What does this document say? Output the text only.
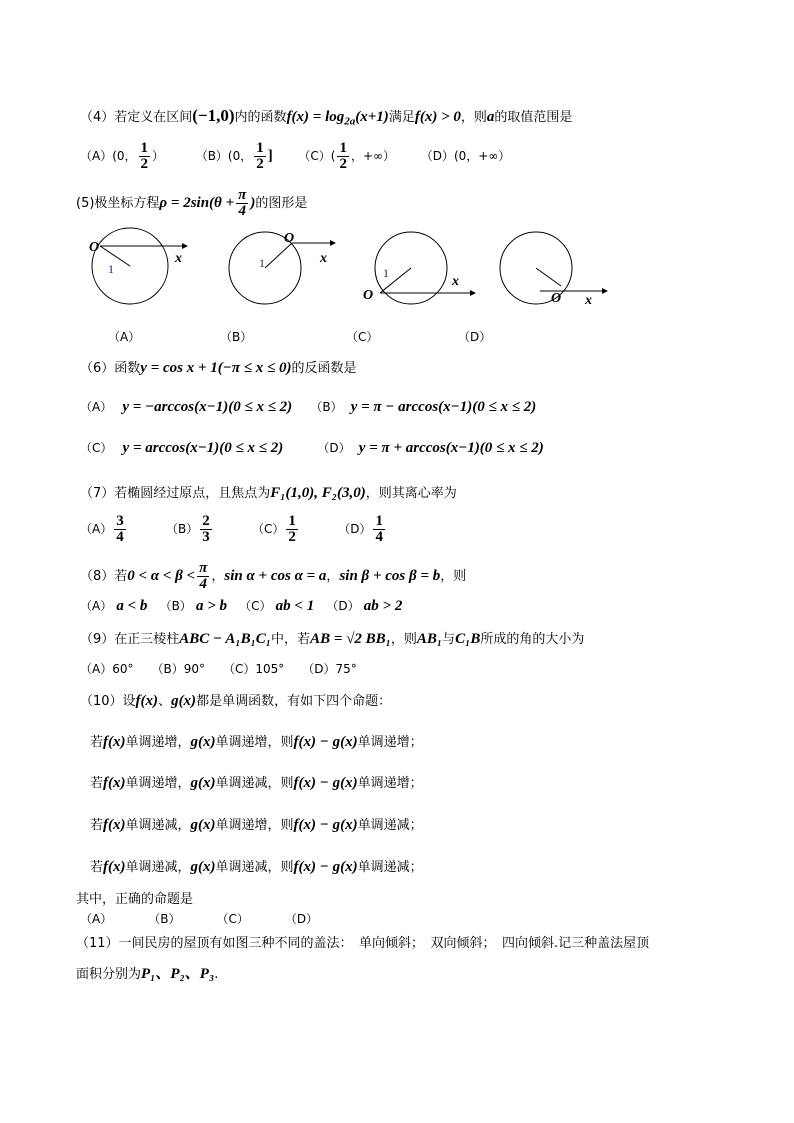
（4）若定义在区间(−1,0)内的函数$f(x) = \log_{2a}(x+1)$满足f(x) > 0，则a的取值范围是
（A）(0， $\frac{1}{2}$ ）	（B）(0， $\frac{1}{2}$ ] $(C)( \frac{1}{2}$ ，+∞） （D）(0，+∞）
(5)极坐标方程$\rho = 2\sin(\theta + \frac{\pi}{4}$ )的图形是
O
x
1
O
x
1
O
x
1
O x
（A）	（B）	（C）	（D）
（6）函数y = cos x + 1(−π ≤ x ≤ 0)的反函数是
（A） y = −arccos(x−1)(0 ≤ x ≤ 2) （B） y = π − arccos(x−1)(0 ≤ x ≤ 2)
（C） y = arccos(x−1)(0 ≤ x ≤ 2)	（D） y = π + arccos(x−1)(0 ≤ x ≤ 2)
（7）若椭圆经过原点，且焦点为F₁(1,0), F₂(3,0)，则其离心率为
$(A) \frac{3}{4}$	$(B) \frac{2}{3}$	$(C) \frac{1}{2}$	$(D) \frac{1}{4}$
（8）若$0 < \alpha < \beta < \frac{\pi}{4}$ ，sin α + cos α = a，sin β + cos β = b，则
（A） a < b （B） a > b （C） ab < 1 （D） ab > 2
（9）在正三棱柱ABC − A₁B₁C₁中，若AB = √2 BB₁，则AB₁与C₁B所成的角的大小为
（A）60°　　（B）90°　　（C）105°　　（D）75°
（10）设f(x)、g(x)都是单调函数，有如下四个命题：
若f(x)单调递增，g(x)单调递增，则f(x) − g(x)单调递增；
若f(x)单调递增，g(x)单调递减，则f(x) − g(x)单调递增；
若f(x)单调递减，g(x)单调递增，则f(x) − g(x)单调递减；
若f(x)单调递减，g(x)单调递减，则f(x) − g(x)单调递减；
其中，正确的命题是
（A）　　　　（B）　　　　（C）　　　　（D）
（11）一间民房的屋顶有如图三种不同的盖法：　单向倾斜；　双向倾斜；　四向倾斜.记三种盖法屋顶
面积分别为P₁、P₂、P₃.
